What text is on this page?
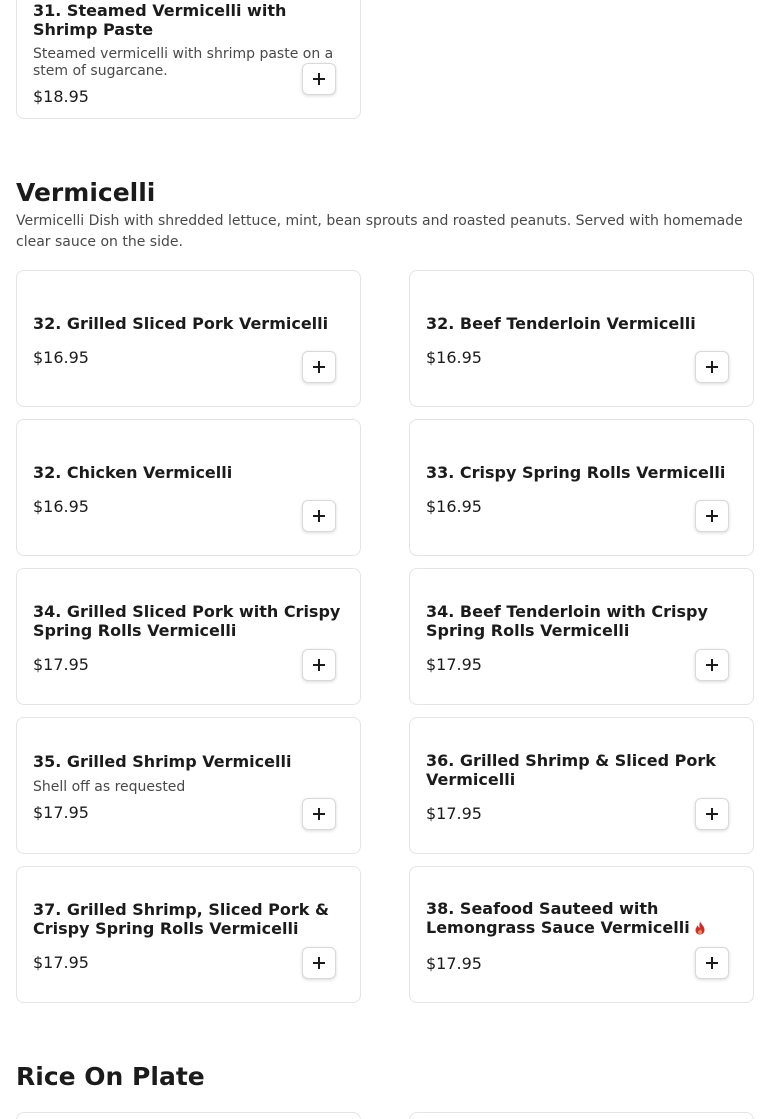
31. Steamed Vermicelli with Shrimp Paste
Steamed vermicelli with shrimp paste on a stem of sugarcane.
$18.95
Vermicelli

Vermicelli Dish with shredded lettuce, mint, bean sprouts and roasted peanuts. Served with homemade clear sauce on the side.

32. Grilled Sliced Pork Vermicelli
$16.95
32. Beef Tenderloin Vermicelli
$16.95
32. Chicken Vermicelli
$16.95
33. Crispy Spring Rolls Vermicelli
$16.95
34. Grilled Sliced Pork with Crispy Spring Rolls Vermicelli
$17.95
34. Beef Tenderloin with Crispy Spring Rolls Vermicelli
$17.95
35. Grilled Shrimp Vermicelli
Shell off as requested
$17.95
36. Grilled Shrimp & Sliced Pork Vermicelli
$17.95
37. Grilled Shrimp, Sliced Pork & Crispy Spring Rolls Vermicelli
$17.95
38. Seafood Sauteed with Lemongrass Sauce Vermicelli
$17.95
Rice On Plate
